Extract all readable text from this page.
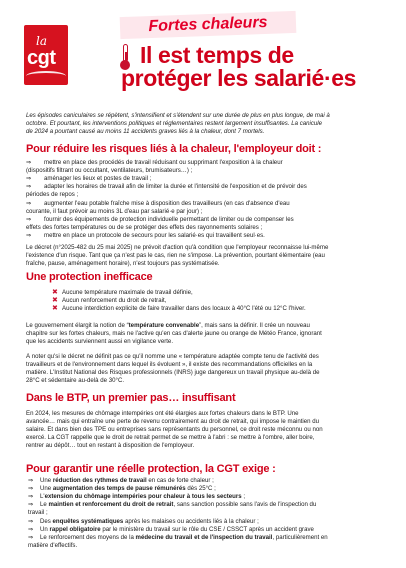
la
cgt
Fortes chaleurs
Il est temps de
protéger les salarié·es
Les épisodes caniculaires se répètent, s'intensifient et s'étendent sur une durée de plus en plus longue, de mai à
octobre. Et pourtant, les interventions politiques et réglementaires restent largement insuffisantes. La canicule
de 2024 a pourtant causé au moins 11 accidents graves liés à la chaleur, dont 7 mortels.
Pour réduire les risques liés à la chaleur, l'employeur doit :
⇒ mettre en place des procédés de travail réduisant ou supprimant l'exposition à la chaleur
(dispositifs filtrant ou occultant, ventilateurs, brumisateurs…) ;
⇒ aménager les lieux et postes de travail ;
⇒ adapter les horaires de travail afin de limiter la durée et l'intensité de l'exposition et de prévoir des
périodes de repos ;
⇒ augmenter l'eau potable fraîche mise à disposition des travailleurs (en cas d'absence d'eau
courante, il faut prévoir au moins 3L d'eau par salarié·e par jour) ;
⇒ fournir des équipements de protection individuelle permettant de limiter ou de compenser les
effets des fortes températures ou de se protéger des effets des rayonnements solaires ;
⇒ mettre en place un protocole de secours pour les salarié·es qui travaillent seul·es.
Le décret (n°2025-482 du 25 mai 2025) ne prévoit d'action qu'à condition que l'employeur reconnaisse lui-même
l'existence d'un risque. Tant que ça n'est pas le cas, rien ne s'impose. La prévention, pourtant élémentaire (eau
fraîche, pause, aménagement horaire), n'est toujours pas systématisée.
Une protection inefficace
✖ Aucune température maximale de travail définie,
✖ Aucun renforcement du droit de retrait,
✖ Aucune interdiction explicite de faire travailler dans des locaux à 40°C l'été ou 12°C l'hiver.
Le gouvernement élargit la notion de “température convenable”, mais sans la définir. Il crée un nouveau
chapitre sur les fortes chaleurs, mais ne l'active qu'en cas d'alerte jaune ou orange de Météo France, ignorant
que les accidents surviennent aussi en vigilance verte.
À noter qu'si le décret ne définit pas ce qu'il nomme une « température adaptée compte tenu de l'activité des
travailleurs et de l'environnement dans lequel ils évoluent », il existe des recommandations officielles en la
matière. L'Institut National des Risques professionnels (INRS) juge dangereux un travail physique au-delà de
28°C et sédentaire au-delà de 30°C.
Dans le BTP, un premier pas… insuffisant
En 2024, les mesures de chômage intempéries ont été élargies aux fortes chaleurs dans le BTP. Une
avancée… mais qui entraîne une perte de revenu contrairement au droit de retrait, qui impose le maintien du
salaire. Et dans bien des TPE ou entreprises sans représentants du personnel, ce droit reste méconnu ou non
exercé. La CGT rappelle que le droit de retrait permet de se mettre à l'abri : se mettre à l'ombre, aller boire,
rentrer au dépôt… tout en restant à disposition de l'employeur.
Pour garantir une réelle protection, la CGT exige :
⇒ Une réduction des rythmes de travail en cas de forte chaleur ;
⇒ Une augmentation des temps de pause rémunérés dès 25°C ;
⇒ L'extension du chômage intempéries pour chaleur à tous les secteurs ;
⇒ Le maintien et renforcement du droit de retrait, sans sanction possible sans l'avis de l'inspection du
travail ;
⇒ Des enquêtes systématiques après les malaises ou accidents liés à la chaleur ;
⇒ Un rappel obligatoire par le ministère du travail sur le rôle du CSE / CSSCT après un accident grave
⇒ Le renforcement des moyens de la médecine du travail et de l'inspection du travail, particulièrement en
matière d'effectifs.
